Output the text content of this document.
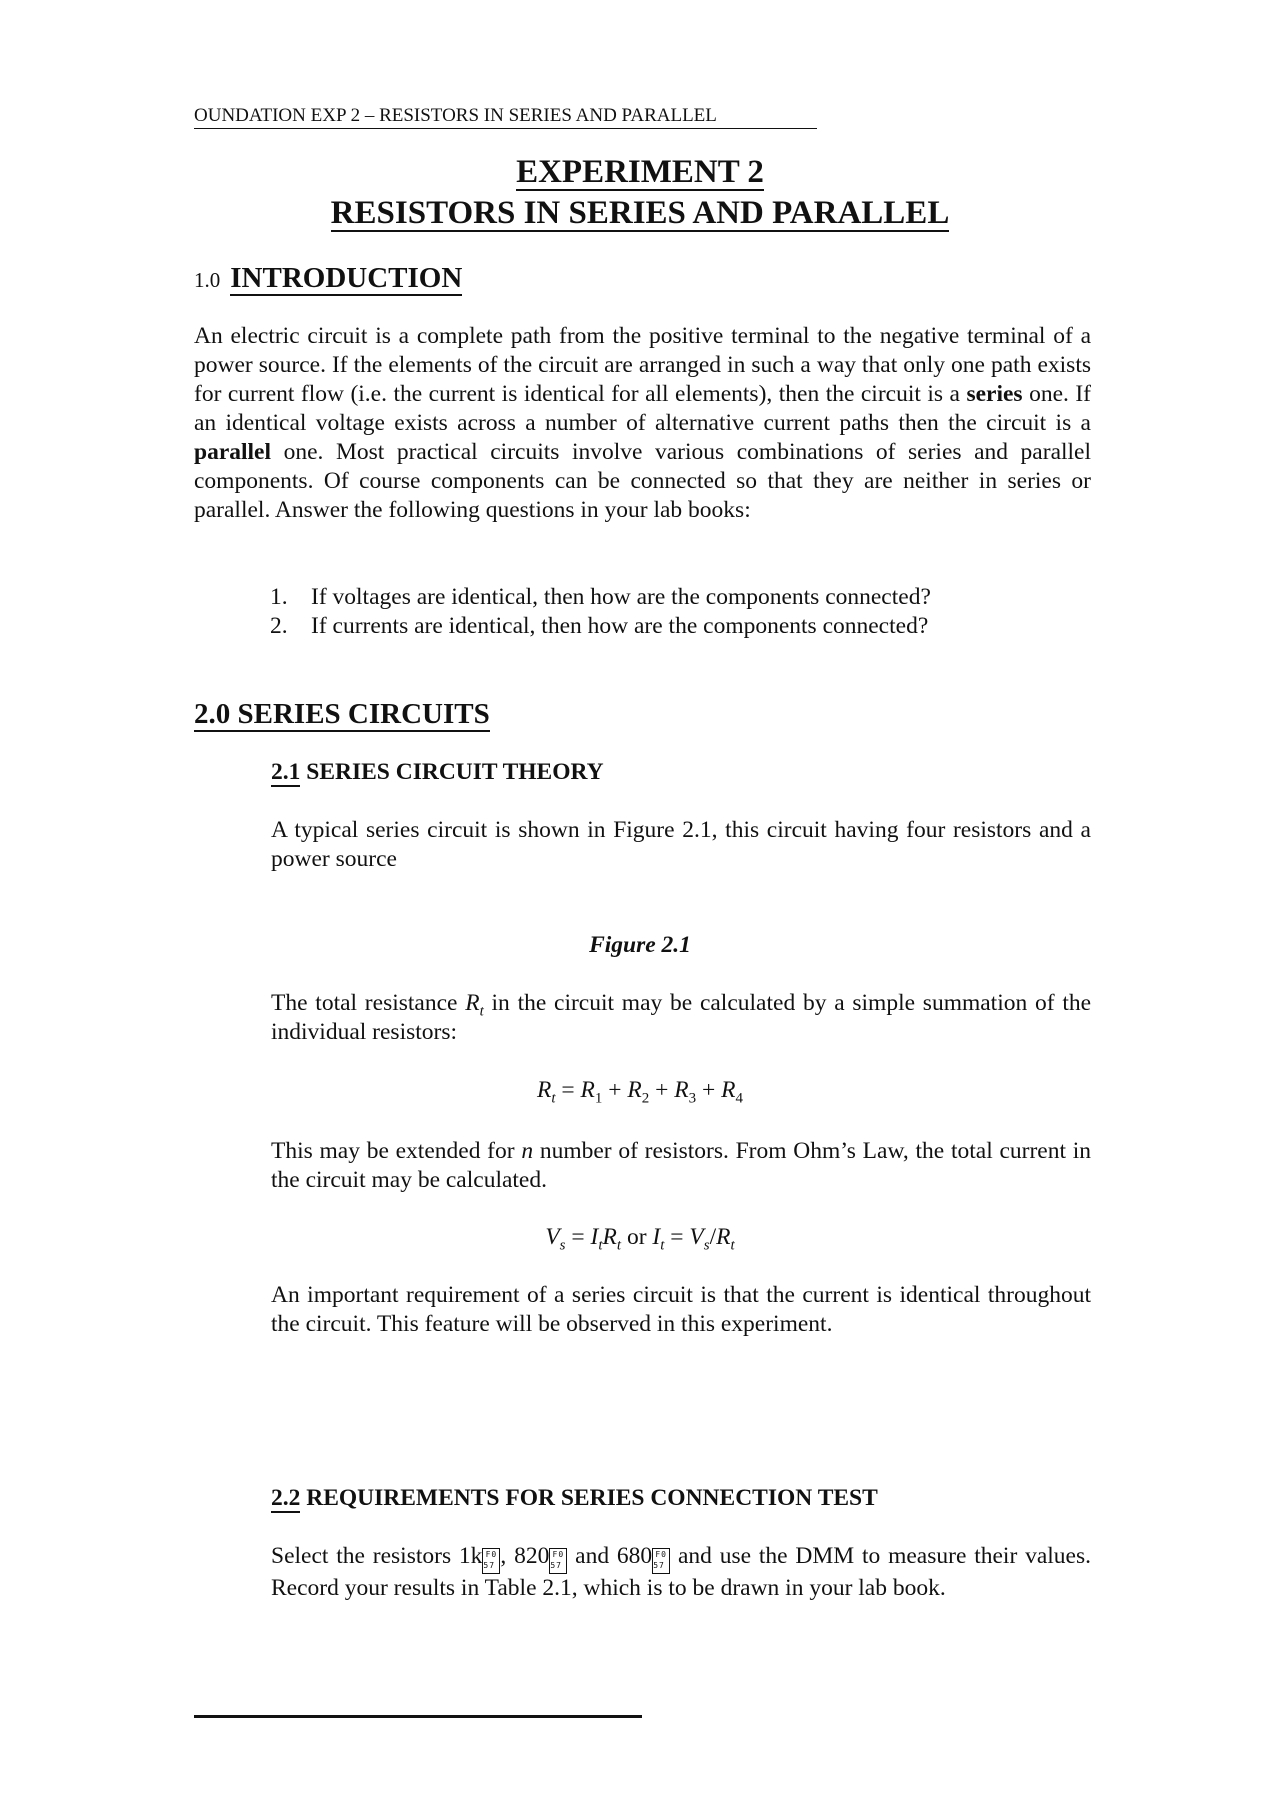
OUNDATION EXP 2 – RESISTORS IN SERIES AND PARALLEL
EXPERIMENT 2
RESISTORS IN SERIES AND PARALLEL
1.0 INTRODUCTION

An electric circuit is a complete path from the positive terminal to the negative terminal of a power source. If the elements of the circuit are arranged in such a way that only one path exists for current flow (i.e. the current is identical for all elements), then the circuit is a series one. If an identical voltage exists across a number of alternative current paths then the circuit is a parallel one. Most practical circuits involve various combinations of series and parallel components. Of course components can be connected so that they are neither in series or parallel. Answer the following questions in your lab books:

1. If voltages are identical, then how are the components connected?
2. If currents are identical, then how are the components connected?
2.0 SERIES CIRCUITS
2.1 SERIES CIRCUIT THEORY

A typical series circuit is shown in Figure 2.1, this circuit having four resistors and a power source

Figure 2.1

The total resistance $R_t$ in the circuit may be calculated by a simple summation of the individual resistors:

$R_t = R_1 + R_2 + R_3 + R_4$

This may be extended for n number of resistors. From Ohm’s Law, the total current in the circuit may be calculated.

$V_s = I_tR_t$ or $I_t = V_s/R_t$

An important requirement of a series circuit is that the current is identical throughout the circuit. This feature will be observed in this experiment.

2.2 REQUIREMENTS FOR SERIES CONNECTION TEST

Select the resistors 1k F0 57 , 820 F0 57 and 680 F0 57 and use the DMM to measure their values. Record your results in Table 2.1, which is to be drawn in your lab book.
